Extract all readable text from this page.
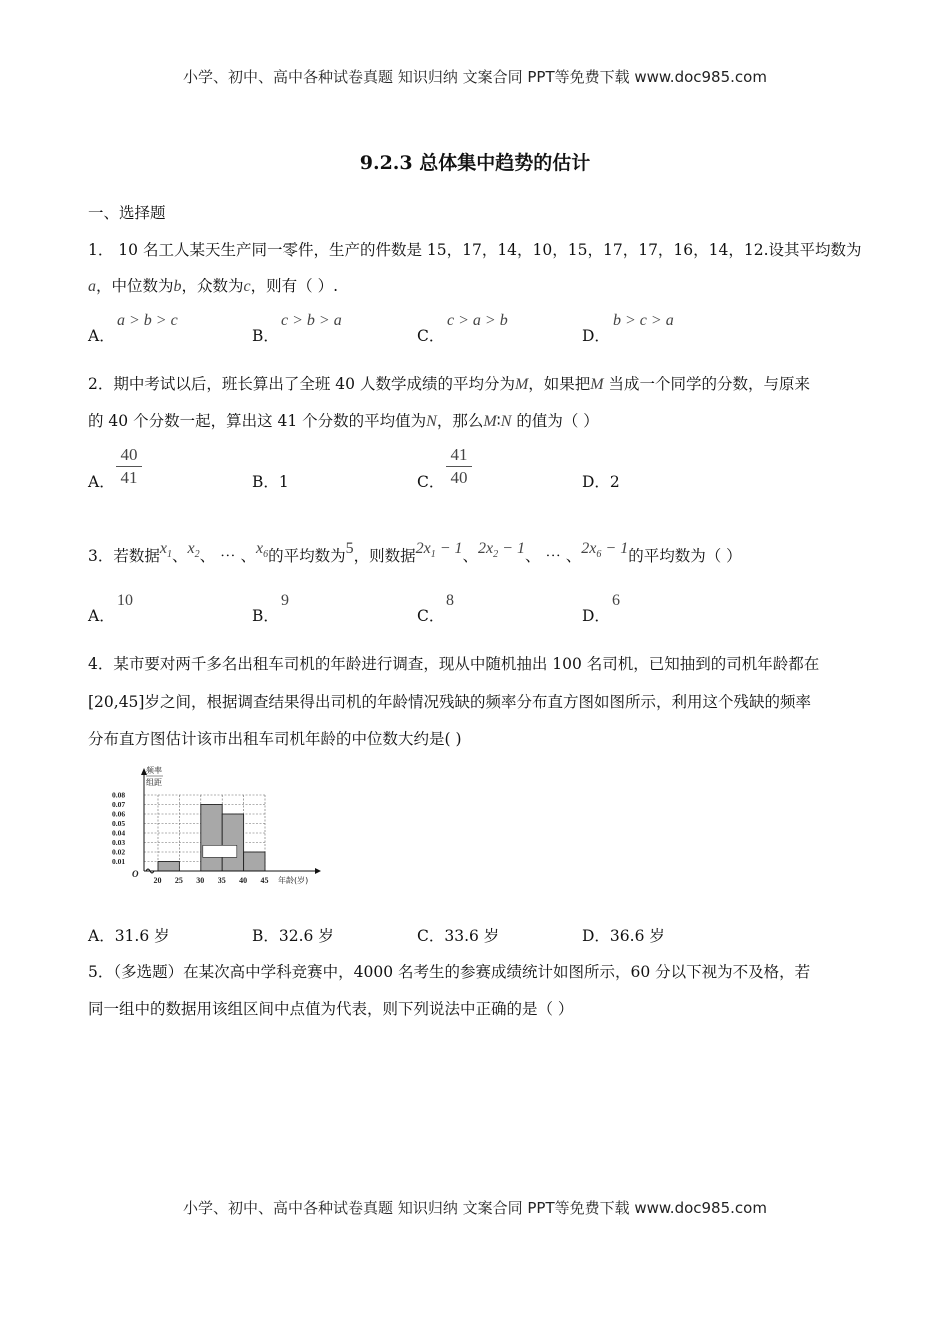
小学、初中、高中各种试卷真题 知识归纳 文案合同 PPT等免费下载 www.doc985.com
9.2.3 总体集中趋势的估计
一、选择题
1． 10 名工人某天生产同一零件，生产的件数是 15，17，14，10，15，17，17，16，14，12.设其平均数为
a，中位数为b，众数为c，则有（ ）.
A．
a > b > c
B．
c > b > a
C．
c > a > b
D．
b > c > a
2．期中考试以后，班长算出了全班 40 人数学成绩的平均分为M，如果把M 当成一个同学的分数，与原来
的 40 个分数一起，算出这 41 个分数的平均值为N，那么M∶N 的值为（ ）
A． $\frac{40}{41}$	B．1	C． $\frac{41}{40}$	D．2
3．若数据$x_1$、$x_2$、 ⋯ 、$x_6$的平均数为5，则数据$2x_1 - 1$、$2x_2 - 1$、 ⋯ 、$2x_6 - 1$的平均数为（ ）
A．
10
B．
9
C．
8
D．
6
4．某市要对两千多名出租车司机的年龄进行调查，现从中随机抽出 100 名司机，已知抽到的司机年龄都在
[20,45]岁之间，根据调查结果得出司机的年龄情况残缺的频率分布直方图如图所示，利用这个残缺的频率
分布直方图估计该市出租车司机年龄的中位数大约是( )
0.08
0.07
0.06
0.05
0.04
0.03
0.02
0.01
20 25 30 35 40 45
频率
组距
年龄(岁)
O
A．31.6 岁	B．32.6 岁	C．33.6 岁	D．36.6 岁
5．（多选题）在某次高中学科竞赛中，4000 名考生的参赛成绩统计如图所示，60 分以下视为不及格，若
同一组中的数据用该组区间中点值为代表，则下列说法中正确的是（ ）
小学、初中、高中各种试卷真题 知识归纳 文案合同 PPT等免费下载 www.doc985.com
